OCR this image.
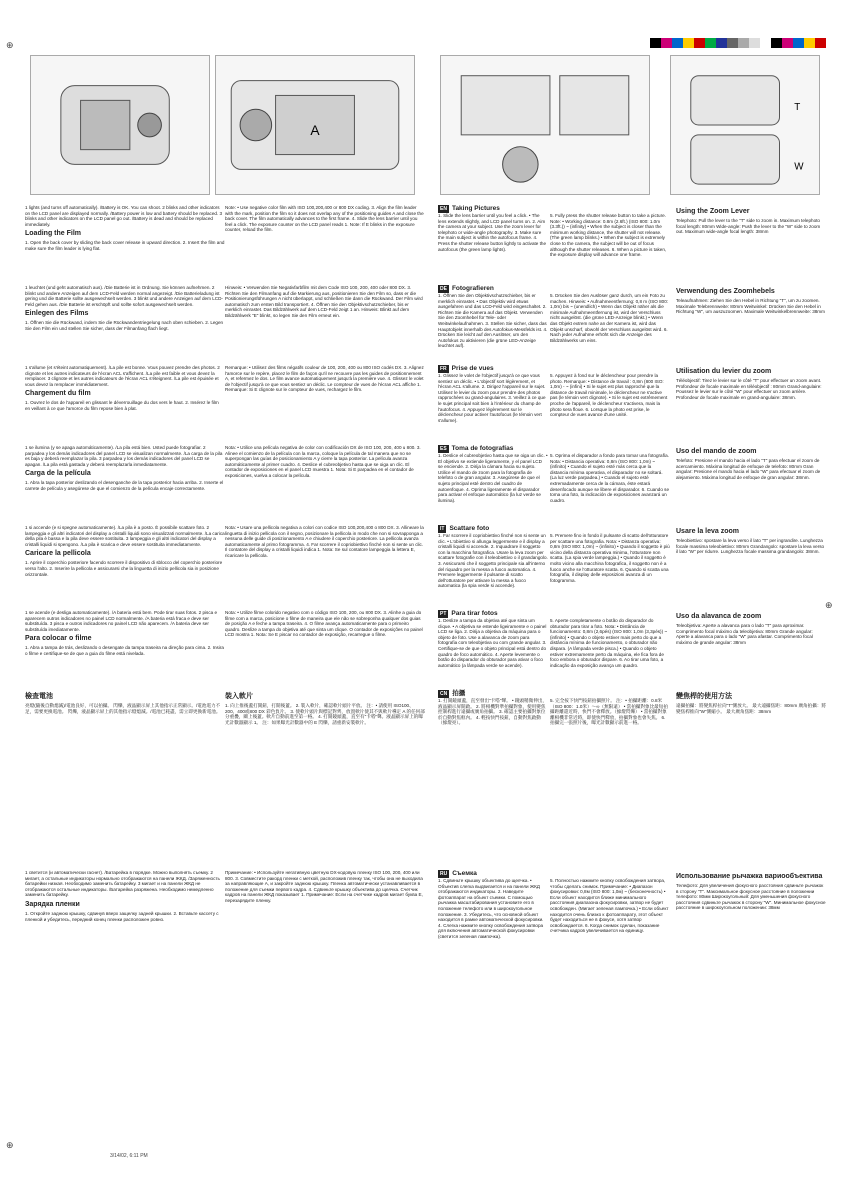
⊕
⊕
⊕
A
T
W

1 lights (and turns off automatically). /Battery is OK. You can shoot. 2 blinks and other indicators on the LCD panel are displayed normally. /Battery power is low and battery should be replaced. 3 blinks and other indicators on the LCD panel go out. /Battery is dead and should be replaced immediately.

Loading the Film

1. Open the back cover by sliding the back cover release in upward direction. 2. Insert the film and make sure the film leader is lying flat.

Note: • Use negative color film with ISO 100,200,400 or 800 DX coding. 3. Align the film leader with the mark, position the film so it does not overlap any of the positioning guides A and close the back cover. The film automatically advances to the first frame. 4. Slide the lens barrier until you feel a click. The exposure counter on the LCD panel reads 1. Note: If E blinks in the exposure counter, reload the film.

EN Taking Pictures

1. Slide the lens barrier until you feel a click. • The lens extends slightly, and LCD panel turns on. 2. Aim the camera at your subject. Use the zoom lever for telephoto or wide-angle photography. 3. Make sure the main subject is within the autofocus frame. 4. Press the shutter release button lightly to activate the autofocus (the green lamp lights).

5. Fully press the shutter release button to take a picture. Note: • Working distance: 0.8m (2.6ft.) (ISO 800: 1.0m (3.3ft.)) ~ (infinity) • When the subject is closer than the minimum working distance, the shutter will not release. (The green lamp blinks.) • When the subject is extremely close to the camera, the subject will be out of focus although the shutter releases. 6. When a picture is taken, the exposure display will advance one frame.

Using the Zoom Lever

Telephoto: Pull the lever to the "T" side to zoom in. Maximum telephoto focal length: 80mm Wide-angle: Push the lever to the "W" side to zoom out. Maximum wide-angle focal length: 38mm

1 leuchtet (und geht automatisch aus). /Die Batterie ist in Ordnung. Sie können aufnehmen. 2 blinkt und andere Anzeigen auf dem LCD-Feld werden normal angezeigt. /Die Batterieladung ist gering und die Batterie sollte ausgewechselt werden. 3 blinkt und andere Anzeigen auf dem LCD-Feld gehen aus. /Die Batterie ist erschöpft und sollte sofort ausgewechselt werden.

Einlegen des Films

1. Öffnen Sie die Rückwand, indem Sie die Rückwandentriegelung nach oben schieben. 2. Legen Sie den Film ein und stellen Sie sicher, dass der Filmanfang flach liegt.

Hinweis: • Verwenden Sie Negativfarbfilm mit dem Code ISO 100, 200, 400 oder 800 DX. 3. Richten Sie den Filmanfang auf die Markierung aus, positionieren Sie den Film so, dass er die Positionierungsführungen A nicht überlappt, und schließen Sie dann die Rückwand. Der Film wird automatisch zum ersten Bild transportiert. 4. Öffnen Sie den Objektivschutzschieber, bis er merklich einrastet. Das Bildzählwerk auf dem LCD-Feld zeigt 1 an. Hinweis: Blinkt auf dem Bildzählwerk "E" blinkt, so legen Sie den Film erneut ein.

DE Fotografieren

1. Öffnen Sie den Objektivschutzschieber, bis er merklich einrastet. • Das Objektiv wird etwas ausgefahren und das LCD-Feld wird eingeschaltet. 2. Richten Sie die Kamera auf das Objekt. Verwenden Sie den Zoomhebel für Tele- oder Weitwinkelaufnahmen. 3. Stellen Sie sicher, dass das Hauptobjekt innerhalb des Autofokus-Messfelds ist. 4. Drücken Sie leicht auf den Auslöser, um den Autofokus zu aktivieren (die grüne LED-Anzeige leuchtet auf).

5. Drücken Sie den Auslöser ganz durch, um ein Foto zu machen. Hinweis: • Aufnahmeentfernung: 0,8 m (ISO 800: 1,0m) bis ~ (unendlich) • Wenn das Objekt näher als die minimale Aufnahmeentfernung ist, wird der Verschluss nicht ausgelöst. (die grüne LED-Anzeige blinkt.) • Wenn das Objekt extrem nahe an der Kamera ist, wird das Objekt unscharf, obwohl der Verschluss ausgelöst wird. 6. Nach jeder Aufnahme erhöht sich die Anzeige des Bildzählwerks um eins.

Verwendung des Zoomhebels

Teleaufnahmen: Ziehen Sie den Hebel in Richtung "T", um zu zoomen. Maximale Telebrennweite: 80mm Weitwinkel: Drücken Sie den Hebel in Richtung "W", um auszuzoomen. Maximale Weitwinkelbrennweite: 38mm

1 s'allume (et s'éteint automatiquement). /La pile est bonne. Vous pouvez prendre des photos. 2 clignote et les autres indicateurs de l'écran ACL s'affichent. /La pile est faible et vous devez la remplacer. 3 clignote et les autres indicateurs de l'écran ACL s'éteignent. /La pile est épuisée et vous devez la remplacer immédiatement.

Chargement du film

1. Ouvrez le dos de l'appareil en glissant le déverrouillage du dos vers le haut. 2. Insérez le film en veillant à ce que l'amorce du film repose bien à plat.

Remarque: • Utilisez des films négatifs couleur de 100, 200, 400 ou 800 ISO codés DX. 3. Alignez l'amorce sur le repère, placez le film de façon qu'il ne recouvre pas les guides de positionnement A, et refermez le dos. Le film avance automatiquement jusqu'à la première vue. 4. Glissez le volet de l'objectif jusqu'à ce que vous sentiez un déclic. Le compteur de vues de l'écran ACL affiche 1. Remarque: Si E clignote sur le compteur de vues, rechargez le film.

FR Prise de vues

1. Glissez le volet de l'objectif jusqu'à ce que vous sentiez un déclic. • L'objectif sort légèrement, et l'écran ACL s'allume. 2. Dirigez l'appareil sur le sujet. Utilisez le levier du zoom pour prendre des photos rapprochées ou grand-angulaires. 3. Veillez à ce que le sujet principal soit bien à l'intérieur du champ de l'autofocus. 4. Appuyez légèrement sur le déclencheur pour activer l'autofocus (le témoin vert s'allume).

5. Appuyez à fond sur le déclencheur pour prendre la photo. Remarque: • Distance de travail : 0,8m (800 ISO: 1,0m) - ~ (infini) • Si le sujet est plus rapproché que la distance de travail minimale, le déclencheur ne s'active pas (le témoin vert clignote). • Si le sujet est extrêmement proche de l'appareil, le déclencheur s'activera, mais la photo sera floue. 6. Lorsque la photo est prise, le compteur de vues avance d'une unité.

Utilisation du levier du zoom

Téléobjectif: Tirez le levier sur le côté "T" pour effectuer un zoom avant. Profondeur de focale maximale en téléobjectif : 80mm Grand-angulaire: Poussez le levier sur le côté "W" pour effectuer un zoom arrière. Profondeur de focale maximale en grand-angulaire: 38mm.

1 se ilumina (y se apaga automáticamente). /La pila está bien. Usted puede fotografiar. 2 parpadea y los demás indicadores del panel LCD se visualizan normalmente. /La carga de la pila es baja y deberá reemplazar la pila. 3 parpadea y los demás indicadores del panel LCD se apagan. /La pila está gastada y deberá reemplazarla inmediatamente.

Carga de la película

1. Abra la tapa posterior deslizando el desenganche de la tapa posterior hacia arriba. 2. Inserte el carrete de película y asegúrese de que el comienzo de la película encaje correctamente.

Nota: • Utilice una película negativa de color con codificación DX de ISO 100, 200, 400 u 800. 3. Alinee el comienzo de la película con la marca, coloque la película de tal manera que no se superpongan las guías de posicionamiento A y cierre la tapa posterior. La película avanza automáticamente al primer cuadro. 4. Deslice el cubreobjetivo hasta que se oiga un clic. El contador de exposiciones en el panel LCD muestra 1. Nota: Si E parpadea en el contador de exposiciones, vuelva a colocar la película.

ES Toma de fotografías

1. Deslice el cubreobjetivo hasta que se oiga un clic. • El objetivo se extiende ligeramente, y el panel LCD se enciende. 2. Dirija la cámara hacia su sujeto. Utilice el mando de zoom para la fotografía de telefoto o de gran angular. 3. Asegúrese de que el sujeto principal esté dentro del cuadro de autoenfoque. 4. Oprima ligeramente el disparador para activar el enfoque automático (la luz verde se ilumina).

5. Oprima el disparador a fondo para tomar una fotografía. Nota: • Distancia operativa: 0,8m (ISO 800: 1,0m) ~ (infinito) • Cuando el sujeto esté más cerca que la distancia mínima operativa, el disparador no se soltará. (La luz verde parpadea.) • Cuando el sujeto esté extremadamente cerca de la cámara, éste estará desenfocado aunque se libere el disparador. 6. Cuando se toma una foto, la indicación de exposiciones avanzará un cuadro.

Uso del mando de zoom

Telefoto: Presione el mando hacia el lado "T" para efectuar el zoom de acercamiento. Máxima longitud de enfoque de telefoto: 80mm Gran angular: Presione el mando hacia el lado "W" para efectuar el zoom de alejamiento. Máxima longitud de enfoque de gran angular: 38mm.

1 si accende (e si spegne automaticamente). /La pila è a posto. È possibile scattare foto. 2 lampeggia e gli altri indicatori del display a cristalli liquidi sono visualizzati normalmente. /La carica della pila è bassa e la pila deve essere sostituita. 3 lampeggia e gli altri indicatori del display a cristalli liquidi si spengono. /La pila è scarica e deve essere sostituita immediatamente.

Caricare la pellicola

1. Aprire il coperchio posteriore facendo scorrere il dispositivo di sblocco del coperchio posteriore verso l'alto. 2. Inserire la pellicola e assicurarsi che la linguetta di inizio pellicola sia in posizione orizzontale.

Nota: • Usare una pellicola negativa a colori con codice ISO 100,200,400 o 800 DX. 3. Allineare la linguetta di inizio pellicola con il segno, posizionare la pellicola in modo che non si sovrapponga a nessuna delle guide di posizionamento A e chiudere il coperchio posteriore. La pellicola avanza automaticamente al primo fotogramma. 4. Far scorrere il copriobiettivo finché non si sente un clic. Il contatore del display a cristalli liquidi indica 1. Nota: Se sul contatore lampeggia la lettera E, ricaricare la pellicola.

IT Scattare foto

1. Far scorrere il copriobiettivo finché non si sente un clic. • L'obiettivo si allunga leggermente e il display a cristalli liquidi si accende. 2. Inquadrare il soggetto con la macchina fotografica. Usare la leva zoom per scattare fotografie con il teleobiettivo o il grandangolo. 3. Assicurarsi che il soggetto principale sia all'interno del riquadro per la messa a fuoco automatica. 4. Premere leggermente il pulsante di scatto dell'otturatore per attivare la messa a fuoco automatica (la spia verde si accende).

5. Premere fino in fondo il pulsante di scatto dell'otturatore per scattare una fotografia. Nota: • Distanza operativa: 0,8m (ISO 800: 1,0m) ~ (infinito) • Quando il soggetto è più vicino della distanza operativa minima, l'otturatore non scatta. (La spia verde lampeggia.) • Quando il soggetto è molto vicino alla macchina fotografica, il soggetto non è a fuoco anche se l'otturatore scatta. 6. Quando si scatta una fotografia, il display delle esposizioni avanza di un fotogramma.

Usare la leva zoom

Teleobiettivo: spostare la leva verso il lato "T" per ingrandire. Lunghezza focale massima teleobiettivo: 80mm Grandangolo: spostare la leva verso il lato "W" per ridurre. Lunghezza focale massima grandangolo: 38mm.

1 se acende (e desliga automaticamente). /A bateria está bem. Pode tirar suas fotos. 2 pisca e aparecem outros indicadores no painel LCD normalmente. /A bateria está fraca e deve ser substituída. 3 pisca e outros indicadores no painel LCD não aparecem. /A bateria deve ser substituída imediatamente.

Para colocar o filme

1. Abra a tampa de trás, deslizando o desengate da tampa traseira na direção para cima. 2. Insira o filme e certifique-se de que a guia do filme está nivelada.

Nota: • Utilize filme colorido negativo com o código ISO 100, 200, ou 800 DX. 3. Alinhe a guia do filme com a marca, posicione o filme de maneira que ele não se sobreponha qualquer dos guias de posição A e feche a tampa traseira. 4. O filme avança automaticamente para o primeiro quadro. Deslize a tampa do objetiva até que sinta um clique. O contador de exposições no painel LCD mostra 1. Nota: Se E piscar no contador de exposição, recarregue o filme.

PT Para tirar fotos

1. Deslize a tampa da objetiva até que sinta um clique. • A objetiva se estende ligeiramente e o painel LCD se liga. 2. Dirija a objetiva da máquina para o objeto de foto. Use a alavanca de zoom para fotografia com teleobjetiva ou com grande angular. 3. Certifique-se de que o objeto principal está dentro do quadro de foco automático. 4. Aperte levemente o botão do disparador do obturador para ativar o foco automático (a lâmpada verde se acende).

5. Aperte completamente o botão do disparador do obturador para tirar a foto. Nota: • Distância de funcionamento: 0,8m (2,6pés) (ISO 800: 1,0m (3,3pés)) ~ (infinito) • Quando o objeto estiver mais perto do que a distância mínima de funcionamento, o obturador não dispara. (A lâmpada verde pisca.) • Quando o objeto estiver extremamente perto da máquina, ele fica fora de foco embora o obturador dispare. 6. Ao tirar uma foto, a indicação da exposição avança um quadro.

Uso da alavanca de zoom

Teleobjetiva: Aperte a alavanca para o lado "T" para aproximar. Comprimento focal máximo da teleobjetiva: 80mm Grande angular: Aperte a alavanca para o lado "W" para afastar. Comprimento focal máximo de grande angular: 38mm

檢查電池

亮燈(隨後自動熄滅)/電池良好，可以拍攝。 閃爍，液晶顯示屏上其他指示正常顯示。/電池電力不足，需要更換電池。 閃爍，液晶顯示屏上的其他指示燈熄滅。/電池已耗盡，需立即更換新電池。

裝入軟片

1. 向上推後蓋打開鈕，打開後蓋。 2. 裝入軟片，確認軟片頭片平放。 注：• 請使用 ISO100、200、400或800 DX 彩色負片。 3. 使軟片頭片與標記對齊，放置軟片使其不與軟片導定 A 的任何部分重疊，關上後蓋。軟片自動前進至第一格。 4. 打開鏡頭蓋，直至有"卡嗒"聲。液晶顯示屏上的曝光計數器顯示 1。 注：如果曝光計數器中的 E 閃爍，請重新安裝軟片。

CN 拍攝

1. 打開鏡頭蓋，直至發出"卡嗒"聲。 • 鏡頭稍微伸出，液晶顯示屏開啟。 2. 將相機對準拍攝對象，使用變焦控制桿進行遠攝或廣角拍攝。 3. 確認主要拍攝對象位於自動對焦框內。 4. 輕按快門按鈕，自動對焦啟動（綠燈亮）。

5. 完全按下快門按鈕拍攝照片。 注：• 拍攝距離：0.8米（ISO 800：1.0米）～∞（無限遠） • 當拍攝對象比最短拍攝距離還近時，快門不會釋放。（綠燈閃爍） • 當拍攝對象離相機非常近時，即使快門釋放，拍攝對象也會失焦。 6. 拍攝完一張照片後，曝光計數顯示前進一格。

變焦桿的使用方法

遠攝拍攝：將變焦桿拉向"T"側放大。 最大遠攝焦距：80mm 廣角拍攝：將變焦桿推向"W"側縮小。 最大廣角焦距：38mm

1 светится (и автоматически гаснет). /Батарейка в порядке. Можно выполнять съемку. 2 мигает, а остальные индикаторы нормально отображаются на панели ЖКД. /Заряженность батарейки низкая. Необходимо заменить батарейку. 3 мигает и на панели ЖКД не отображаются остальные индикаторы. /Батарейка разряжена. Необходимо немедленно заменить батарейку.

Зарядка пленки

1. Откройте заднюю крышку, сдвинув вверх защелку задней крышки. 2. Вставьте кассету с пленкой и убедитесь, передний конец пленки расположен ровно.

Примечание: • Используйте негативную цветную DX-кодовую пленку ISO 100, 200, 400 или 800. 3. Совместите ракорд пленки с меткой, расположив пленку так, чтобы она не выходила за направляющие А, и закройте заднюю крышку. Пленка автоматически устанавливается в положение для съемки первого кадра. 4. Сдвиньте крышку объектива до щелчка. Счетчик кадров на панели ЖКД показывает 1. Примечание: Если на счетчике кадров мигает буква E, перезарядите пленку.

RU Съемка

1. Сдвиньте крышку объектива до щелчка. • Объектив слегка выдвигается и на панели ЖКД отображаются индикаторы. 2. Наведите фотоаппарат на объект съемки. С помощью рычажка масштабирования установите его в положение телефото или в широкоугольное положение. 3. Убедитесь, что основной объект находится в рамке автоматической фокусировки. 4. Слегка нажмите кнопку освобождения затвора для включения автоматической фокусировки (светится зеленая лампочка).

5. Полностью нажмите кнопку освобождения затвора, чтобы сделать снимок. Примечание: • Диапазон фокусировки: 0,8м (ISO 800: 1,0м) ~ (бесконечность) • Если объект находится ближе минимального расстояния диапазона фокусировки, затвор не будет освобожден. (Мигает зеленая лампочка.) • Если объект находится очень близко к фотоаппарату, этот объект будет находиться не в фокусе, хотя затвор освобождается. 6. Когда снимок сделан, показание счетчика кадров увеличивается на единицу.

Использование рычажка вариообъектива

Телефото: Для увеличения фокусного расстояния сдвиньте рычажок в сторону "T". Максимальное фокусное расстояние в положении телефото: 80мм Широкоугольный: Для уменьшения фокусного расстояния сдвиньте рычажок в сторону "W". Минимальное фокусное расстояние в широкоугольном положении: 38мм

3/14/02, 6:11 PM
